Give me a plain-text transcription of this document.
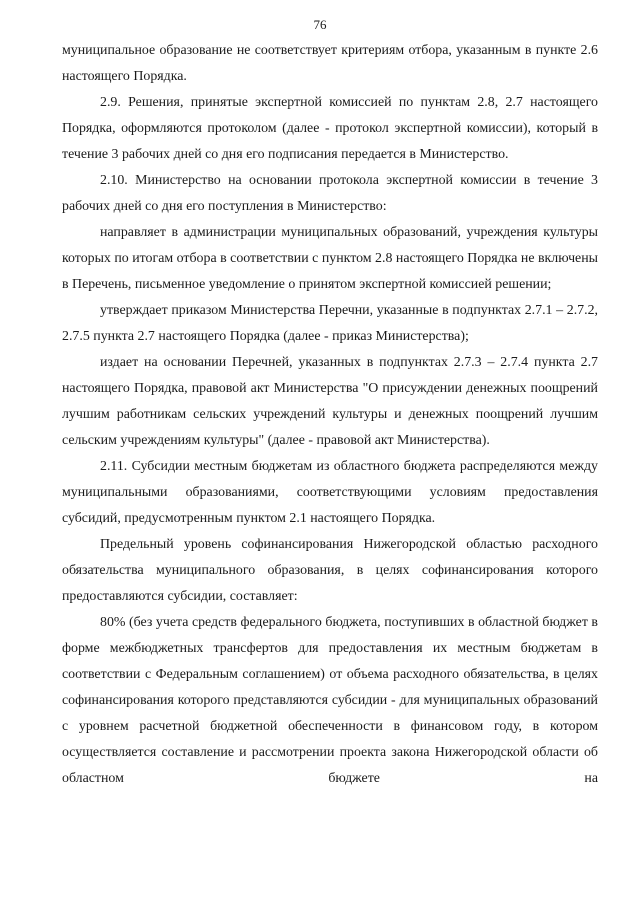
76

муниципальное образование не соответствует критериям отбора, указанным в пункте 2.6 настоящего Порядка.

2.9. Решения, принятые экспертной комиссией по пунктам 2.8, 2.7 настоящего Порядка, оформляются протоколом (далее - протокол экспертной комиссии), который в течение 3 рабочих дней со дня его подписания передается в Министерство.

2.10. Министерство на основании протокола экспертной комиссии в течение 3 рабочих дней со дня его поступления в Министерство:

направляет в администрации муниципальных образований, учреждения культуры которых по итогам отбора в соответствии с пунктом 2.8 настоящего Порядка не включены в Перечень, письменное уведомление о принятом экспертной комиссией решении;

утверждает приказом Министерства Перечни, указанные в подпунктах 2.7.1 – 2.7.2, 2.7.5 пункта 2.7 настоящего Порядка (далее - приказ Министерства);

издает на основании Перечней, указанных в подпунктах 2.7.3 – 2.7.4 пункта 2.7 настоящего Порядка, правовой акт Министерства "О присуждении денежных поощрений лучшим работникам сельских учреждений культуры и денежных поощрений лучшим сельским учреждениям культуры" (далее - правовой акт Министерства).

2.11. Субсидии местным бюджетам из областного бюджета распределяются между муниципальными образованиями, соответствующими условиям предоставления субсидий, предусмотренным пунктом 2.1 настоящего Порядка.

Предельный уровень софинансирования Нижегородской областью расходного обязательства муниципального образования, в целях софинансирования которого предоставляются субсидии, составляет:

80% (без учета средств федерального бюджета, поступивших в областной бюджет в форме межбюджетных трансфертов для предоставления их местным бюджетам в соответствии с Федеральным соглашением) от объема расходного обязательства, в целях софинансирования которого представляются субсидии - для муниципальных образований с уровнем расчетной бюджетной обеспеченности в финансовом году, в котором осуществляется составление и рассмотрении проекта закона Нижегородской области об областном бюджете на
